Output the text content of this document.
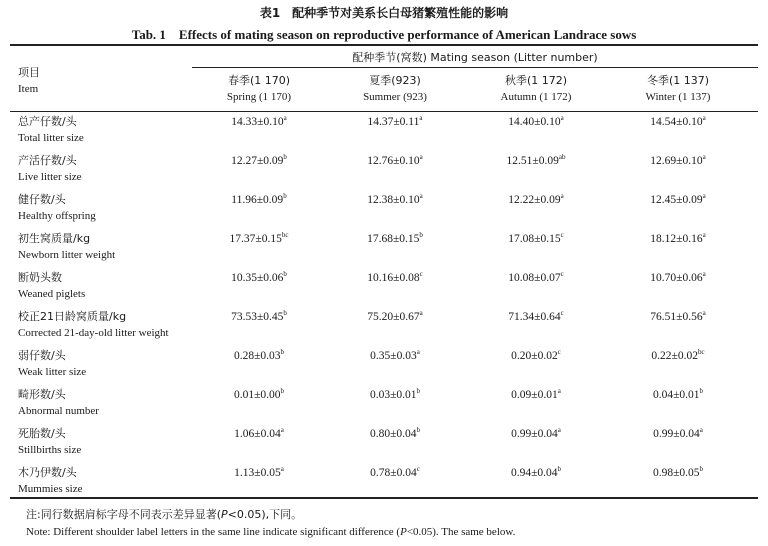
表1　配种季节对美系长白母猪繁殖性能的影响
Tab. 1　Effects of mating season on reproductive performance of American Landrace sows
配种季节(窝数) Mating season (Litter number)
项目
Item
春季(1 170)
Spring (1 170)
夏季(923)
Summer (923)
秋季(1 172)
Autumn (1 172)
冬季(1 137)
Winter (1 137)
总产仔数/头
Total litter size
14.33±0.10$^a$	14.37±0.11$^a$	14.40±0.10$^a$	14.54±0.10$^a$
产活仔数/头
Live litter size
12.27±0.09$^b$	12.76±0.10$^a$	12.51±0.09$^{ab}$	12.69±0.10$^a$
健仔数/头
Healthy offspring
11.96±0.09$^b$	12.38±0.10$^a$	12.22±0.09$^a$	12.45±0.09$^a$
初生窝质量/kg
Newborn litter weight
17.37±0.15$^{bc}$	17.68±0.15$^b$	17.08±0.15$^c$	18.12±0.16$^a$
断奶头数
Weaned piglets
10.35±0.06$^b$	10.16±0.08$^c$	10.08±0.07$^c$	10.70±0.06$^a$
校正21日龄窝质量/kg
Corrected 21-day-old litter weight
73.53±0.45$^b$	75.20±0.67$^a$	71.34±0.64$^c$	76.51±0.56$^a$
弱仔数/头
Weak litter size
0.28±0.03$^b$	0.35±0.03$^a$	0.20±0.02$^c$	0.22±0.02$^{bc}$
畸形数/头
Abnormal number
0.01±0.00$^b$	0.03±0.01$^b$	0.09±0.01$^a$	0.04±0.01$^b$
死胎数/头
Stillbirths size
1.06±0.04$^a$	0.80±0.04$^b$	0.99±0.04$^a$	0.99±0.04$^a$
木乃伊数/头
Mummies size
1.13±0.05$^a$	0.78±0.04$^c$	0.94±0.04$^b$	0.98±0.05$^b$
注:同行数据肩标字母不同表示差异显著(P<0.05),下同。
Note: Different shoulder label letters in the same line indicate significant difference (P<0.05). The same below.
